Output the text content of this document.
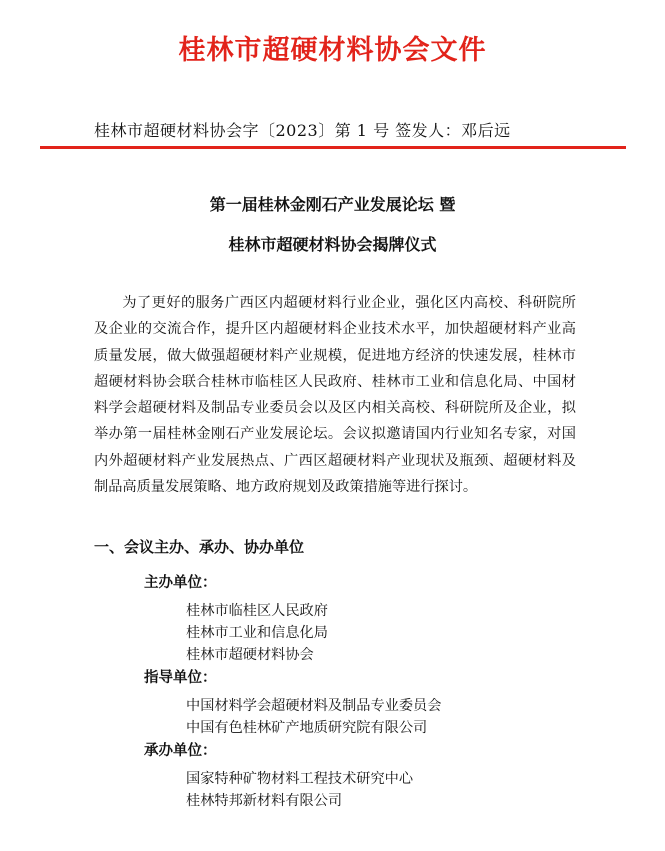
桂林市超硬材料协会文件
桂林市超硬材料协会字〔2023〕第 1 号 签发人：邓后远
第一届桂林金刚石产业发展论坛 暨
桂林市超硬材料协会揭牌仪式

为了更好的服务广西区内超硬材料行业企业，强化区内高校、科研院所及企业的交流合作，提升区内超硬材料企业技术水平，加快超硬材料产业高质量发展，做大做强超硬材料产业规模，促进地方经济的快速发展，桂林市超硬材料协会联合桂林市临桂区人民政府、桂林市工业和信息化局、中国材料学会超硬材料及制品专业委员会以及区内相关高校、科研院所及企业，拟举办第一届桂林金刚石产业发展论坛。会议拟邀请国内行业知名专家，对国内外超硬材料产业发展热点、广西区超硬材料产业现状及瓶颈、超硬材料及制品高质量发展策略、地方政府规划及政策措施等进行探讨。

一、会议主办、承办、协办单位
主办单位：
桂林市临桂区人民政府
桂林市工业和信息化局
桂林市超硬材料协会
指导单位：
中国材料学会超硬材料及制品专业委员会
中国有色桂林矿产地质研究院有限公司
承办单位：
国家特种矿物材料工程技术研究中心
桂林特邦新材料有限公司
